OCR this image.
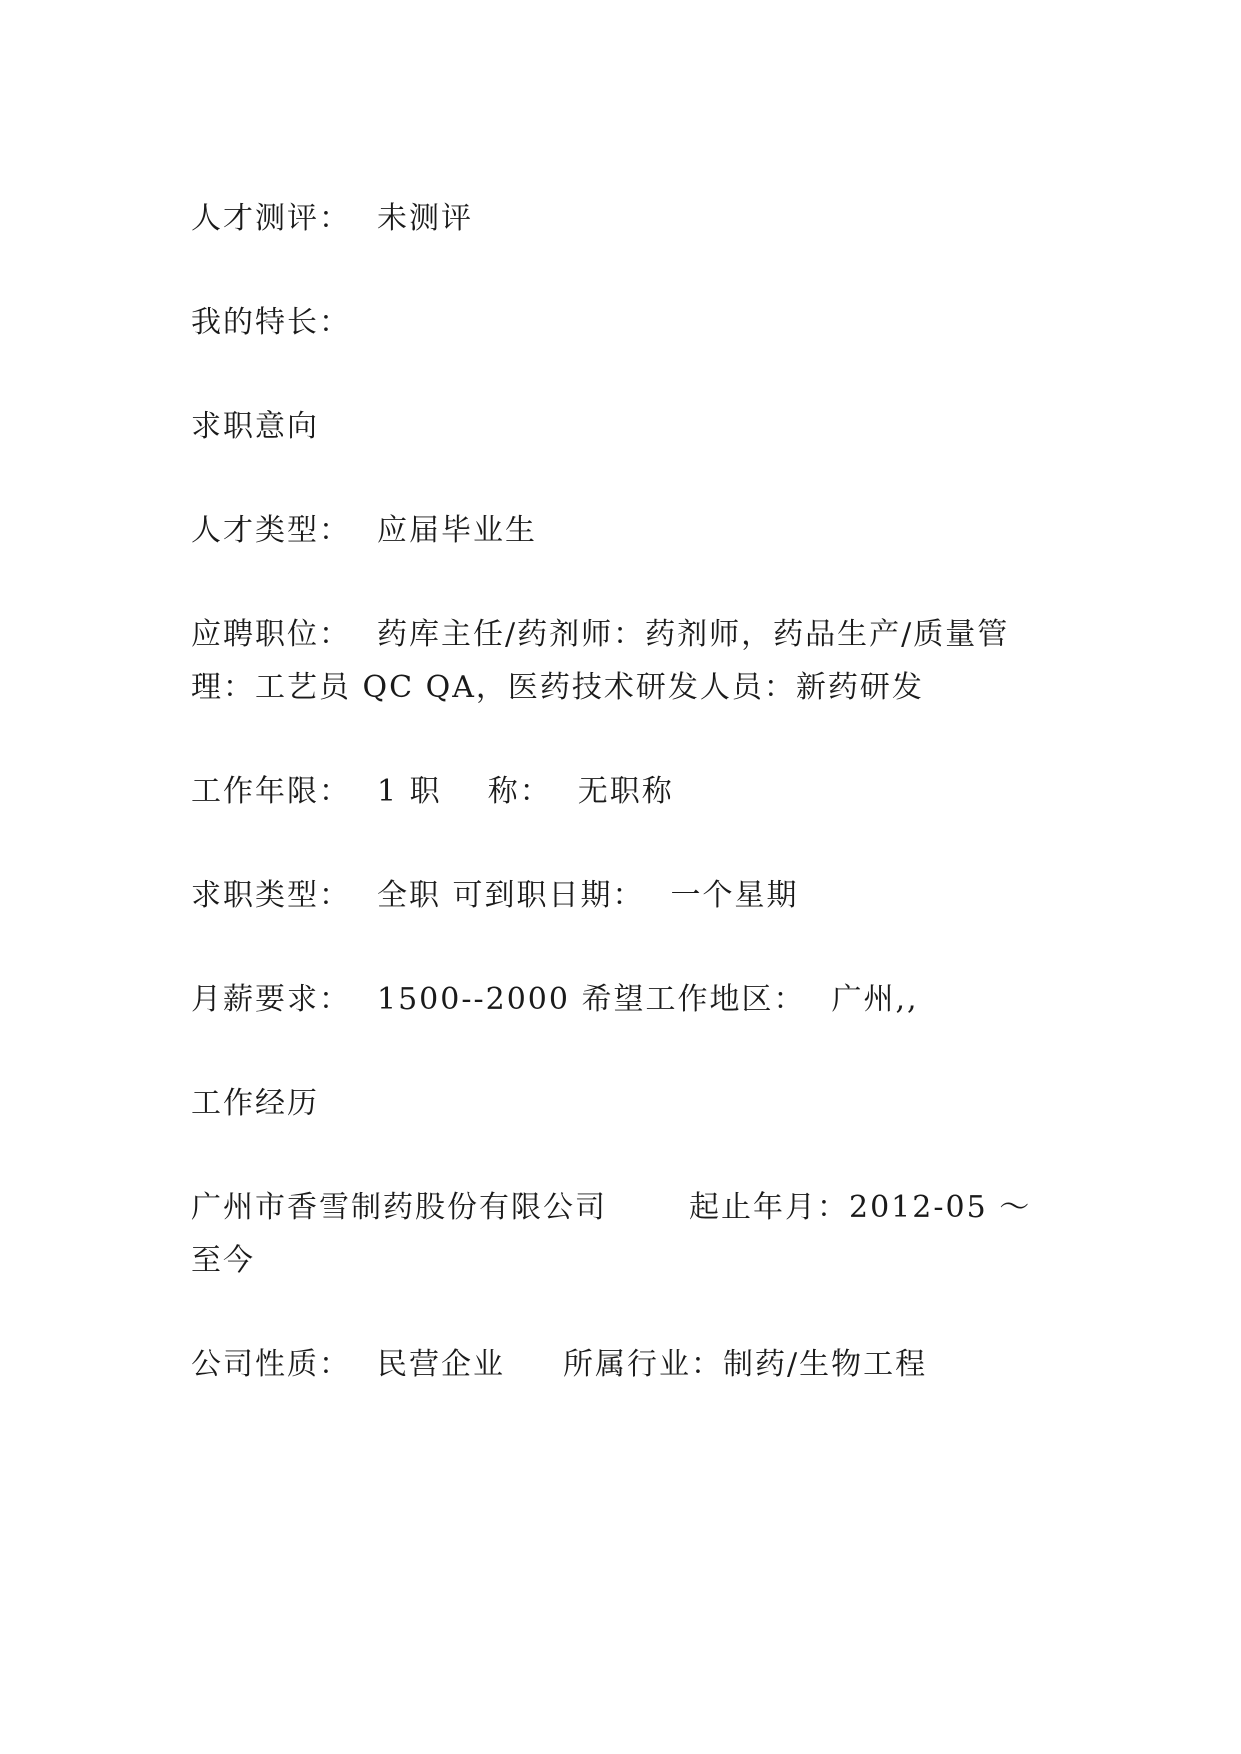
人才测评： 未测评
我的特长：
求职意向
人才类型： 应届毕业生
应聘职位： 药库主任/药剂师：药剂师，药品生产/质量管
理：工艺员 QC QA，医药技术研发人员：新药研发
工作年限： 1 职    称： 无职称
求职类型： 全职 可到职日期： 一个星期
月薪要求： 1500--2000 希望工作地区： 广州,,
工作经历
广州市香雪制药股份有限公司	起止年月：2012-05 ～
至今
公司性质： 民营企业 所属行业：制药/生物工程
